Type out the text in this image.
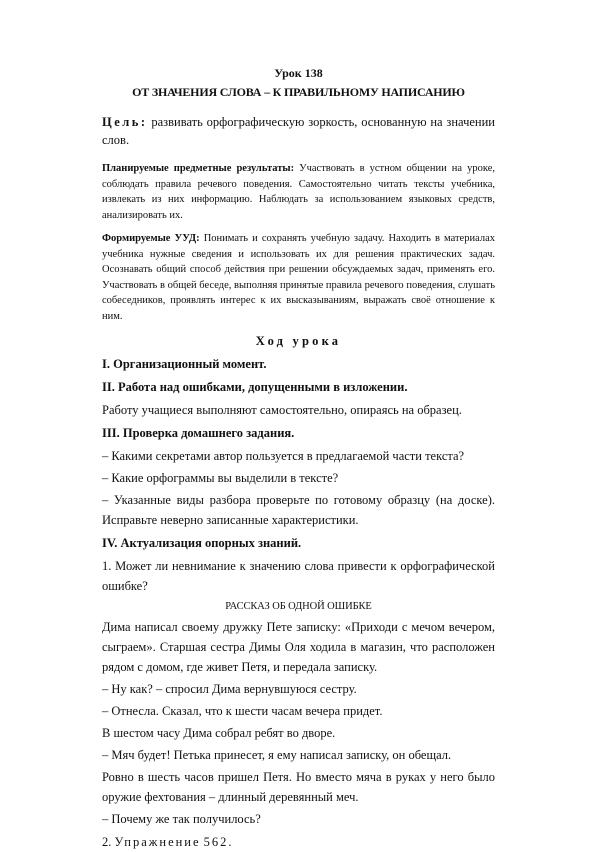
Урок 138
ОТ ЗНАЧЕНИЯ СЛОВА – К ПРАВИЛЬНОМУ НАПИСАНИЮ
Цель: развивать орфографическую зоркость, основанную на значении слов.
Планируемые предметные результаты: Участвовать в устном общении на уроке, соблюдать правила речевого поведения. Самостоятельно читать тексты учебника, извлекать из них информацию. Наблюдать за использованием языковых средств, анализировать их.
Формируемые УУД: Понимать и сохранять учебную задачу. Находить в материалах учебника нужные сведения и использовать их для решения практических задач. Осознавать общий способ действия при решении обсуждаемых задач, применять его. Участвовать в общей беседе, выполняя принятые правила речевого поведения, слушать собеседников, проявлять интерес к их высказываниям, выражать своё отношение к ним.
Ход урока
I. Организационный момент.
II. Работа над ошибками, допущенными в изложении.
Работу учащиеся выполняют самостоятельно, опираясь на образец.
III. Проверка домашнего задания.
– Какими секретами автор пользуется в предлагаемой части текста?
– Какие орфограммы вы выделили в тексте?
– Указанные виды разбора проверьте по готовому образцу (на доске). Исправьте неверно записанные характеристики.
IV. Актуализация опорных знаний.
1. Может ли невнимание к значению слова привести к орфографической ошибке?
РАССКАЗ ОБ ОДНОЙ ОШИБКЕ
Дима написал своему дружку Пете записку: «Приходи с мечом вечером, сыграем». Старшая сестра Димы Оля ходила в магазин, что расположен рядом с домом, где живет Петя, и передала записку.
– Ну как? – спросил Дима вернувшуюся сестру.
– Отнесла. Сказал, что к шести часам вечера придет.
В шестом часу Дима собрал ребят во дворе.
– Мяч будет! Петька принесет, я ему написал записку, он обещал.
Ровно в шесть часов пришел Петя. Но вместо мяча в руках у него было оружие фехтования – длинный деревянный меч.
– Почему же так получилось?
2. Упражнение 562.
